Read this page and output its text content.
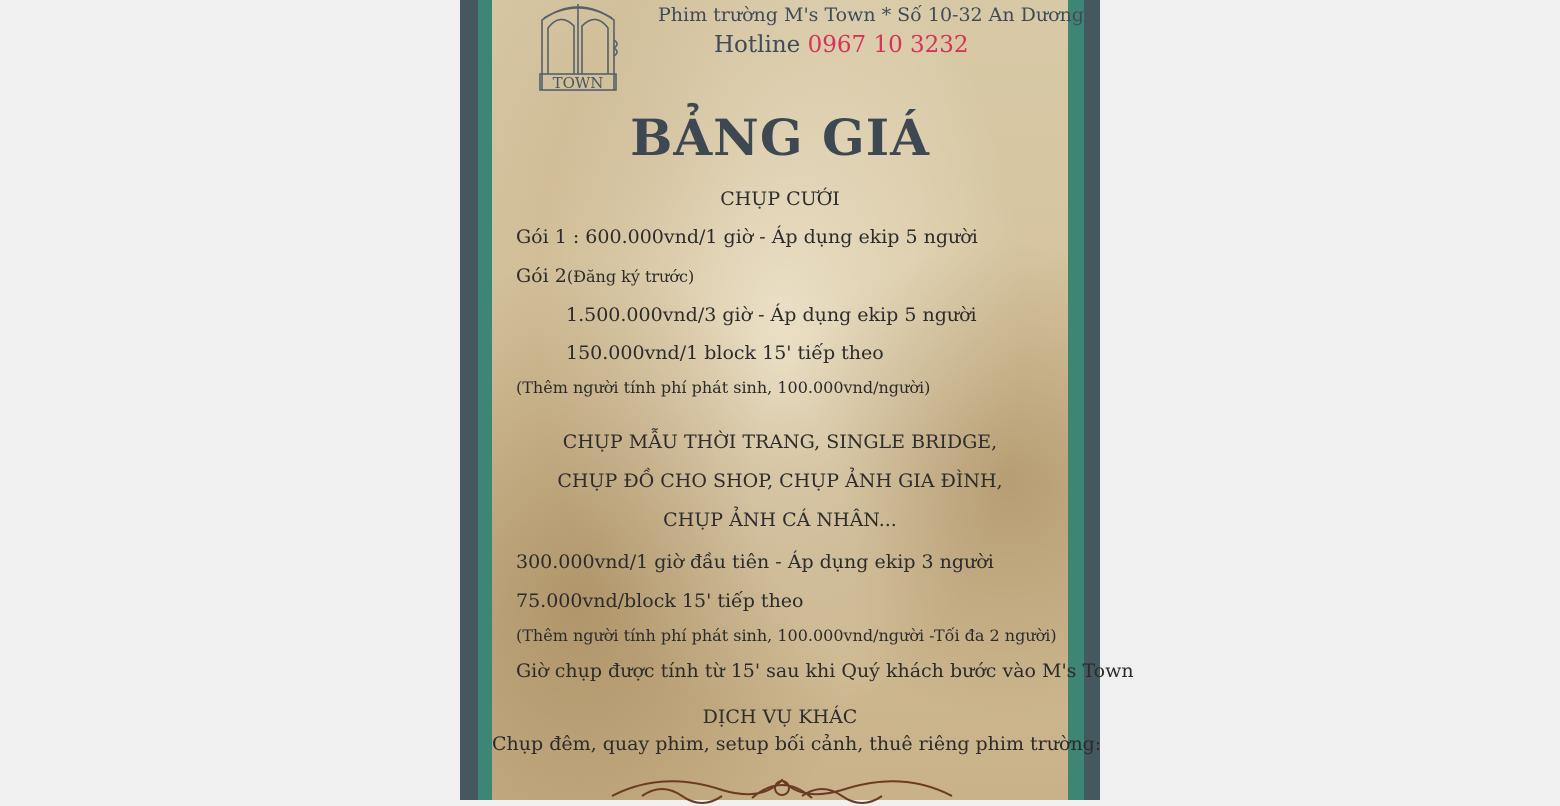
TOWN
Phim trường M's Town * Số 10-32 An Dương
Hotline 0967 10 3232
BẢNG GIÁ
CHỤP CƯỚI
Gói 1 : 600.000vnd/1 giờ - Áp dụng ekip 5 người
Gói 2(Đăng ký trước)
1.500.000vnd/3 giờ - Áp dụng ekip 5 người
150.000vnd/1 block 15' tiếp theo
(Thêm người tính phí phát sinh, 100.000vnd/người)
CHỤP MẪU THỜI TRANG, SINGLE BRIDGE,
CHỤP ĐỒ CHO SHOP, CHỤP ẢNH GIA ĐÌNH,
CHỤP ẢNH CÁ NHÂN...
300.000vnd/1 giờ đầu tiên - Áp dụng ekip 3 người
75.000vnd/block 15' tiếp theo
(Thêm người tính phí phát sinh, 100.000vnd/người -Tối đa 2 người)
Giờ chụp được tính từ 15' sau khi Quý khách bước vào M's Town
DỊCH VỤ KHÁC
Chụp đêm, quay phim, setup bối cảnh, thuê riêng phim trường:
